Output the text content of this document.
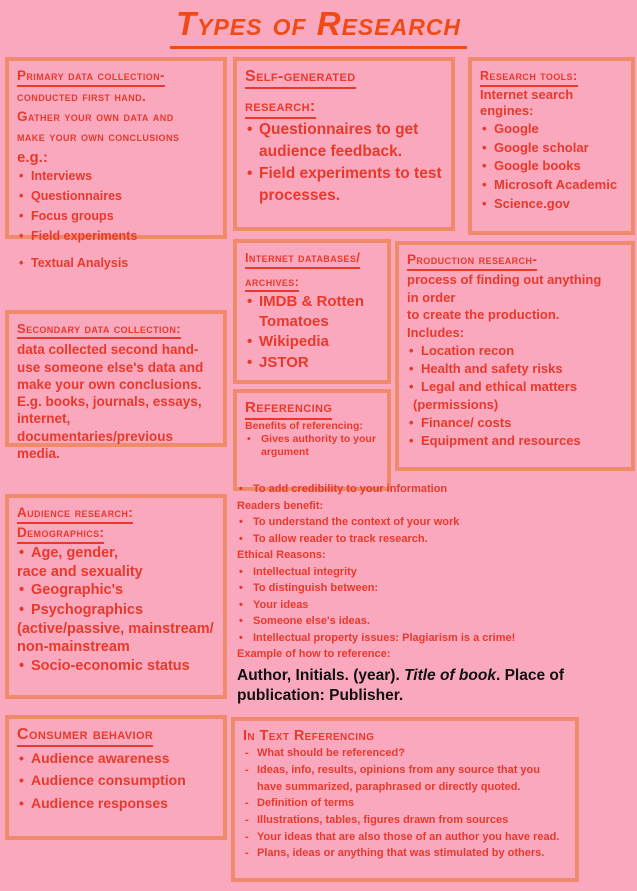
Types of Research
Primary data collection-
conducted first hand.
Gather your own data and
make your own conclusions
e.g.:
• Interviews
• Questionnaires
• Focus groups
• Field experiments
• Textual Analysis
Secondary data collection:
data collected second hand- use someone else's data and make your own conclusions. E.g. books, journals, essays, internet, documentaries/previous media.
Audience research:
Demographics:
• Age, gender,
race and sexuality
• Geographic's
• Psychographics
(active/passive, mainstream/ non-mainstream
• Socio-economic status
Consumer behavior
• Audience awareness
• Audience consumption
• Audience responses
Self-generated
research:
• Questionnaires to get audience feedback.
• Field experiments to test processes.
Internet databases/
archives:
• IMDB & Rotten Tomatoes
• Wikipedia
• JSTOR
Referencing
Benefits of referencing:
• Gives authority to your argument
• To add credibility to your information
Readers benefit:
• To understand the context of your work
• To allow reader to track research.
Ethical Reasons:
• Intellectual integrity
• To distinguish between:
• Your ideas
• Someone else's ideas.
• Intellectual property issues: Plagiarism is a crime!
Example of how to reference:
Author, Initials. (year). Title of book. Place of publication: Publisher.
Production research-
process of finding out anything
in order
to create the production.
Includes:
• Location recon
• Health and safety risks
• Legal and ethical matters
(permissions)
• Finance/ costs
• Equipment and resources
Research tools:
Internet search engines:
• Google
• Google scholar
• Google books
• Microsoft Academic
• Science.gov
In Text Referencing
- What should be referenced?
- Ideas, info, results, opinions from any source that you have summarized, paraphrased or directly quoted.
- Definition of terms
- Illustrations, tables, figures drawn from sources
- Your ideas that are also those of an author you have read.
- Plans, ideas or anything that was stimulated by others.
